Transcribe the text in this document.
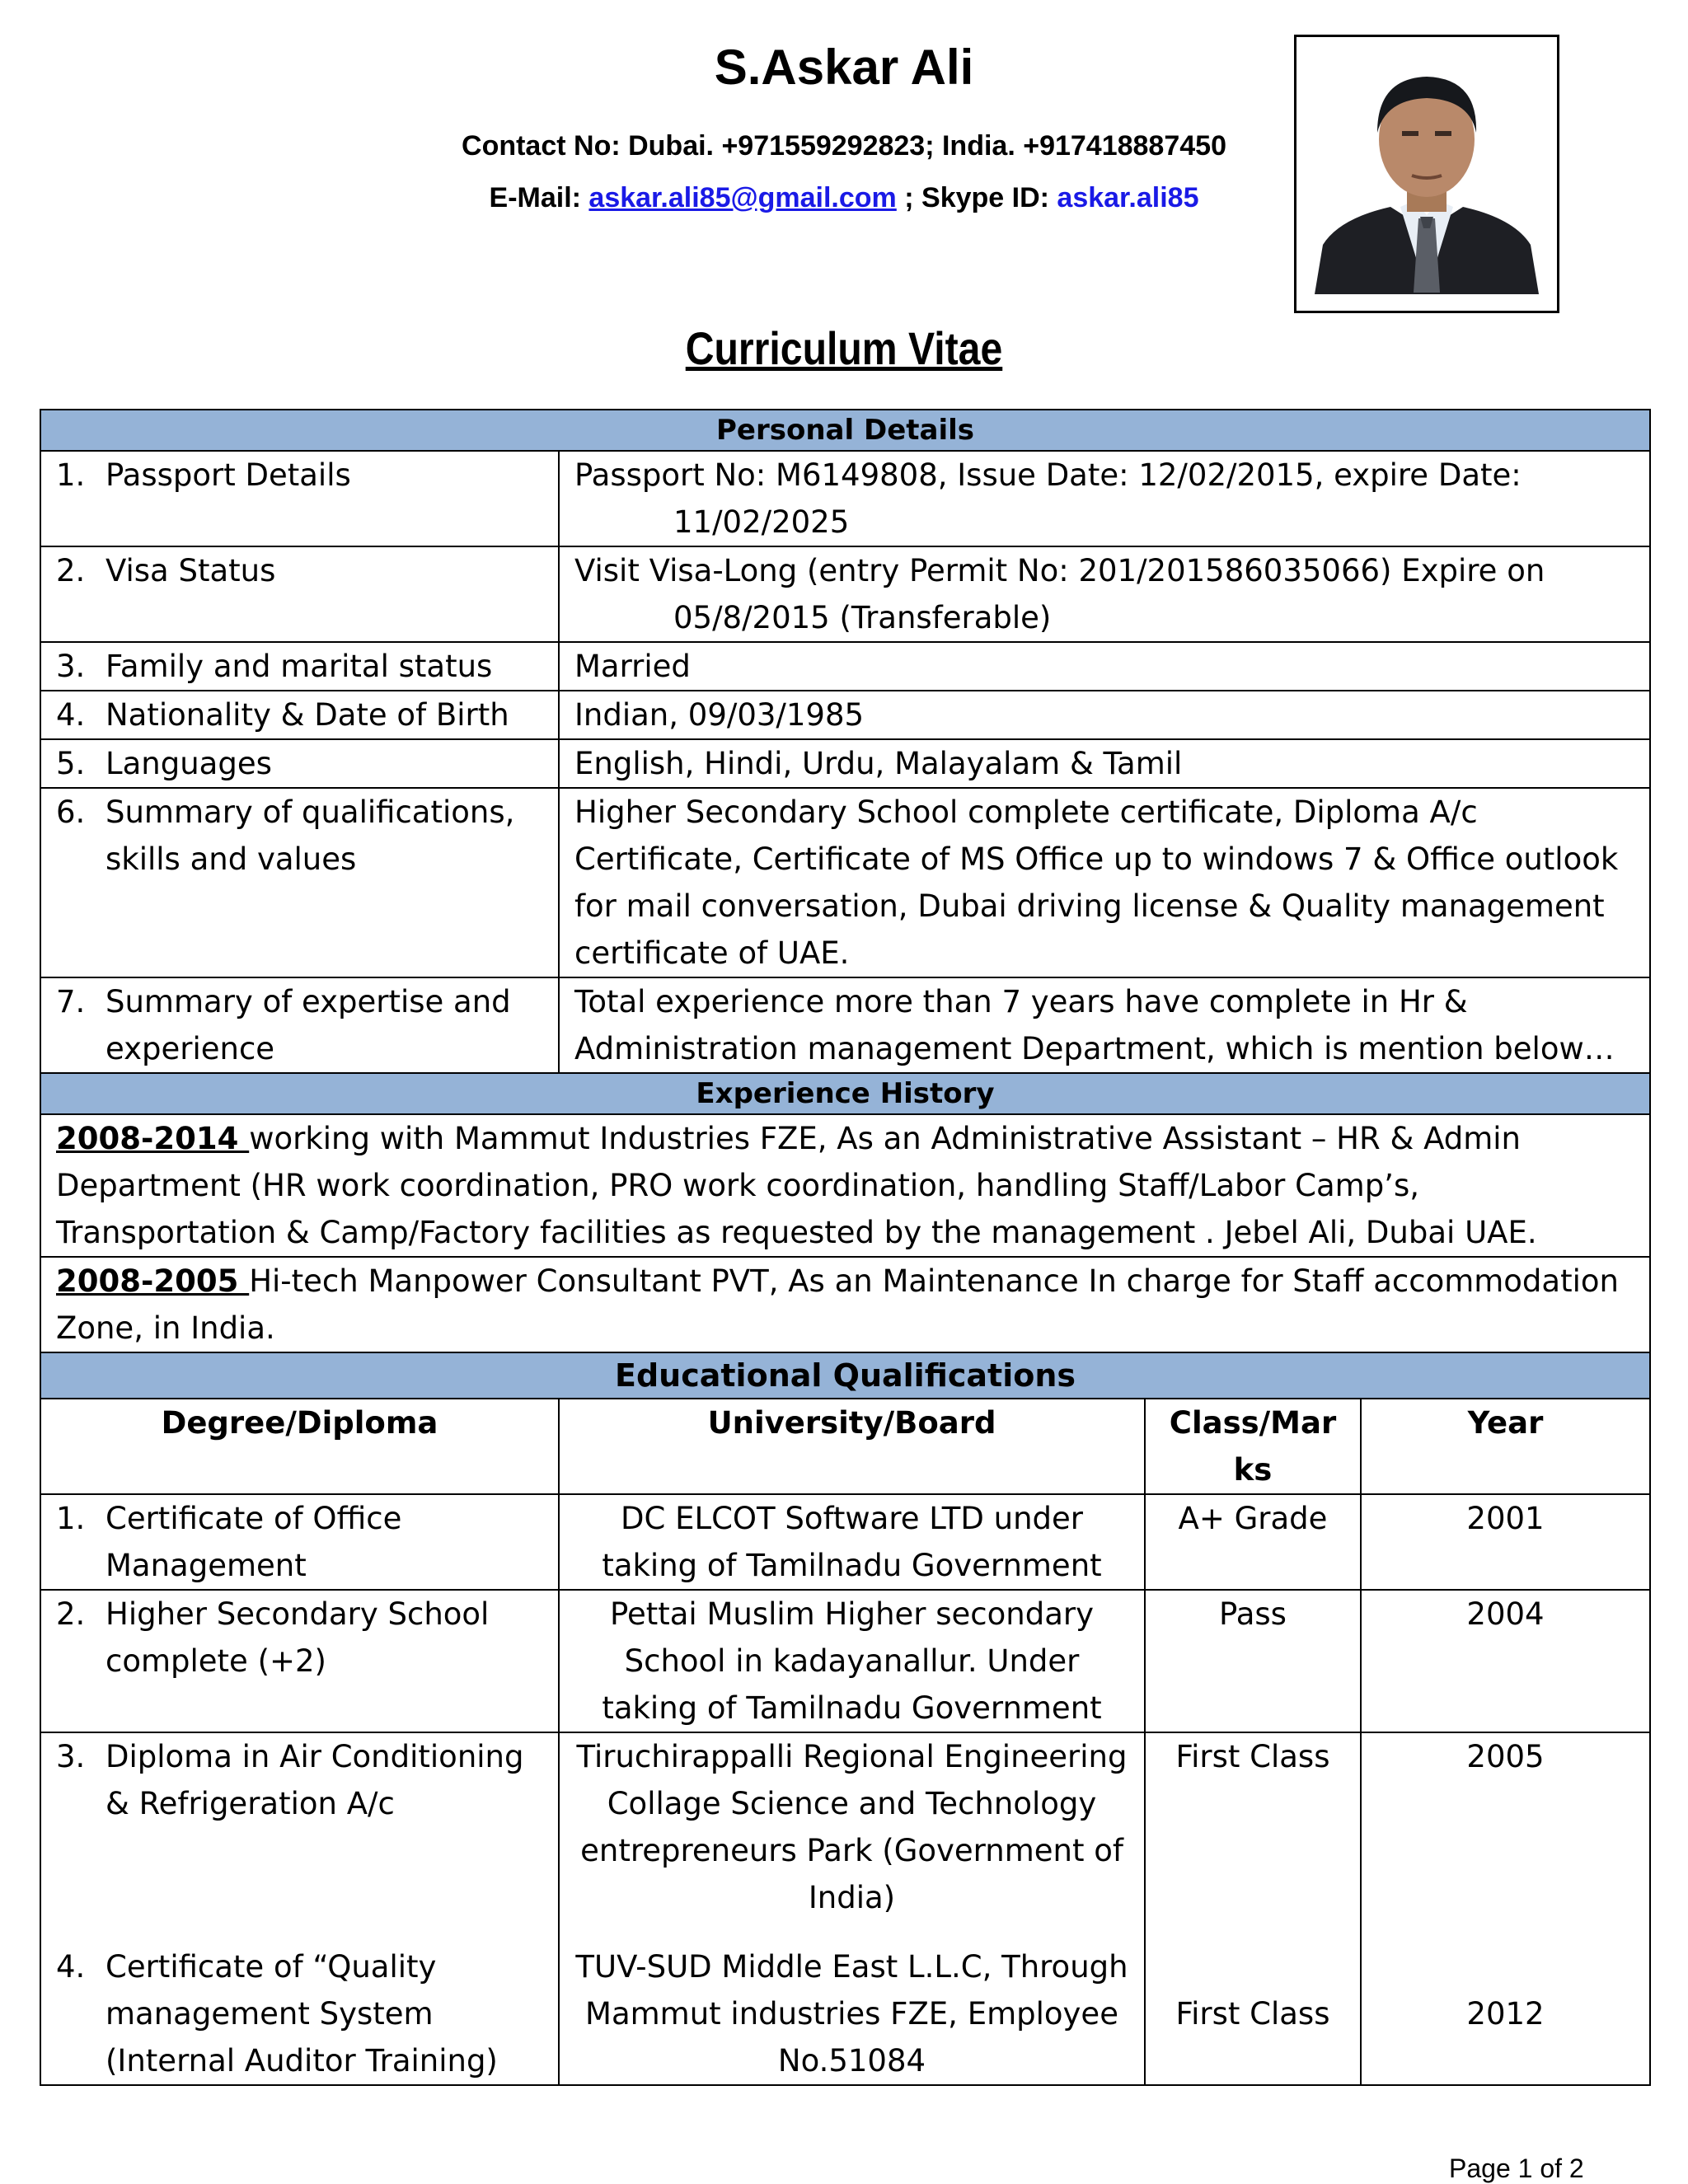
S.Askar Ali
Contact No: Dubai. +971559292823; India. +917418887450
E-Mail: askar.ali85@gmail.com ; Skype ID: askar.ali85
Curriculum Vitae
Personal Details			
1. Passport Details	Passport No: M6149808, Issue Date: 12/02/2015, expire Date:
11/02/2025		

2. Visa Status	Visit Visa-Long (entry Permit No: 201/201586035066) Expire on
05/8/2015 (Transferable)		

3. Family and marital status	Married		
4. Nationality & Date of Birth	Indian, 09/03/1985		
5. Languages	English, Hindi, Urdu, Malayalam & Tamil		
6. Summary of qualifications, skills and values	Higher Secondary School complete certificate, Diploma A/c Certificate, Certificate of MS Office up to windows 7 & Office outlook for mail conversation, Dubai driving license & Quality management certificate of UAE.		
7. Summary of expertise and experience	Total experience more than 7 years have complete in Hr & Administration management Department, which is mention below…		
Experience History			
2008-2014 working with Mammut Industries FZE, As an Administrative Assistant – HR & Admin Department (HR work coordination, PRO work coordination, handling Staff/Labor Camp’s, Transportation & Camp/Factory facilities as requested by the management . Jebel Ali, Dubai UAE.			
2008-2005 Hi-tech Manpower Consultant PVT, As an Maintenance In charge for Staff accommodation Zone, in India.			
Educational Qualifications			
Degree/Diploma	University/Board	Class/Marks	Year
1. Certificate of Office Management	DC ELCOT Software LTD under taking of Tamilnadu Government	A+ Grade	2001
2. Higher Secondary School complete (+2)	Pettai Muslim Higher secondary School in kadayanallur. Under taking of Tamilnadu Government	Pass	2004
3. Diploma in Air Conditioning & Refrigeration A/c	Tiruchirappalli Regional Engineering Collage Science and Technology entrepreneurs Park (Government of India)	First Class	2005
4. Certificate of “Quality management System (Internal Auditor Training)	TUV-SUD Middle East L.L.C, Through Mammut industries FZE, Employee No.51084	First Class	2012
Page 1 of 2
